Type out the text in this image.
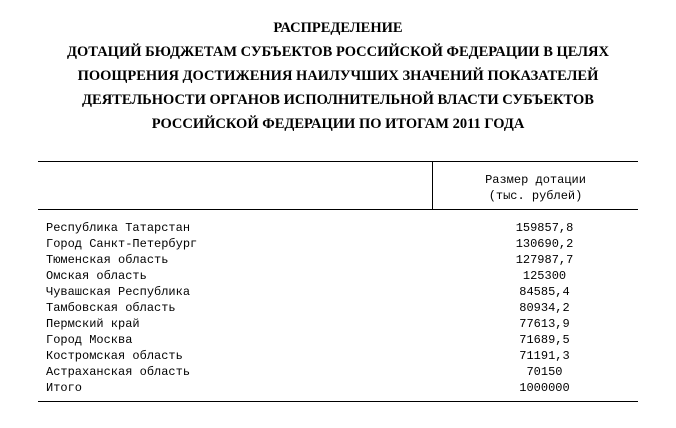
РАСПРЕДЕЛЕНИЕ
ДОТАЦИЙ БЮДЖЕТАМ СУБЪЕКТОВ РОССИЙСКОЙ ФЕДЕРАЦИИ В ЦЕЛЯХ
ПООЩРЕНИЯ ДОСТИЖЕНИЯ НАИЛУЧШИХ ЗНАЧЕНИЙ ПОКАЗАТЕЛЕЙ
ДЕЯТЕЛЬНОСТИ ОРГАНОВ ИСПОЛНИТЕЛЬНОЙ ВЛАСТИ СУБЪЕКТОВ
РОССИЙСКОЙ ФЕДЕРАЦИИ ПО ИТОГАМ 2011 ГОДА
Размер дотации
(тыс. рублей)
Республика Татарстан	159857,8
Город Санкт-Петербург	130690,2
Тюменская область	127987,7
Омская область	125300
Чувашская Республика	84585,4
Тамбовская область	80934,2
Пермский край	77613,9
Город Москва	71689,5
Костромская область	71191,3
Астраханская область	70150
Итого	1000000
